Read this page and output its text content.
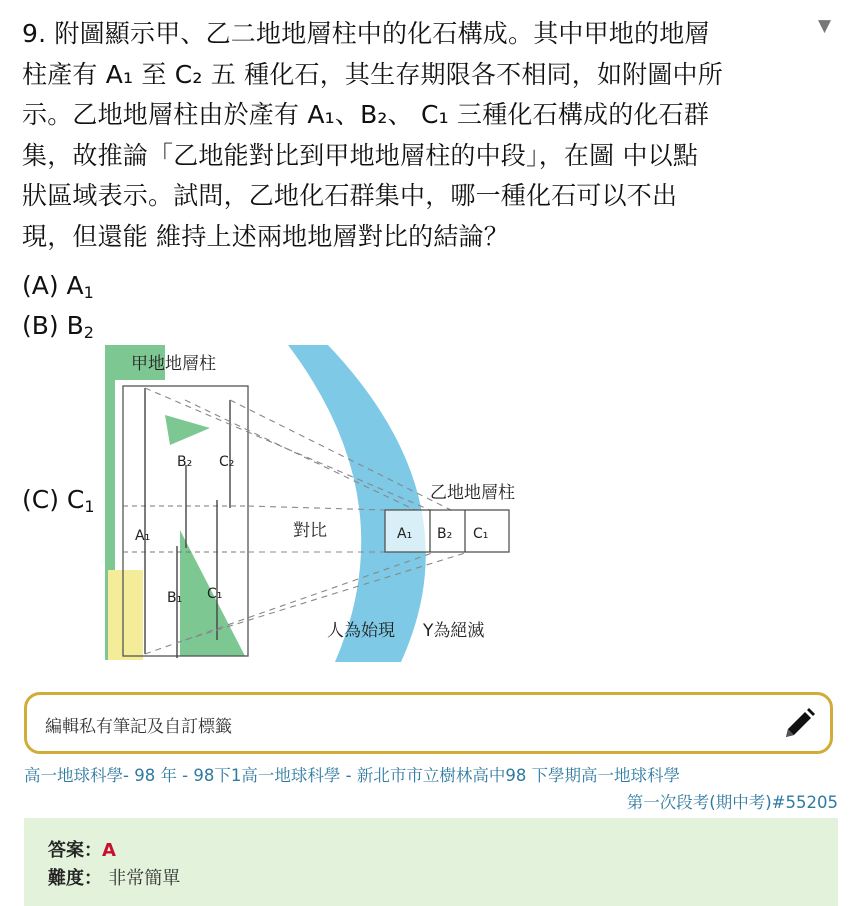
9. 附圖顯示甲、乙二地地層柱中的化石構成。其中甲地的地層
柱產有 A₁ 至 C₂ 五 種化石，其生存期限各不相同，如附圖中所
示。乙地地層柱由於產有 A₁、B₂、 C₁ 三種化石構成的化石群
集，故推論「乙地能對比到甲地地層柱的中段」，在圖 中以點
狀區域表示。試問，乙地化石群集中，哪一種化石可以不出
現，但還能 維持上述兩地地層對比的結論？
▼
(A) $A_1$
(B) $B_2$
(C) $C_1$
甲地地層柱
乙地地層柱
對比
B₂ C₂
A₁
B₁ C₁
A₁ B₂ C₁
人為始現 Y為絕滅
編輯私有筆記及自訂標籤
高一地球科學- 98 年 - 98下1高一地球科學 - 新北市市立樹林高中98 下學期高一地球科學
第一次段考(期中考)#55205
答案：A
難度： 非常簡單
